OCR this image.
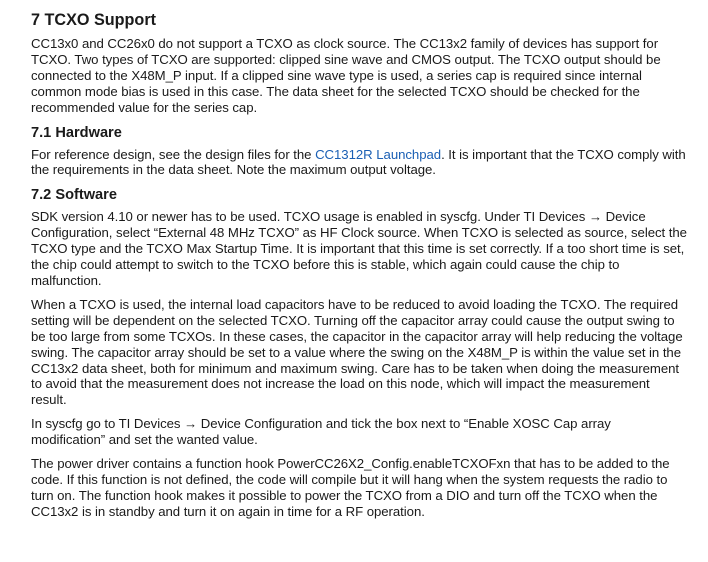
7 TCXO Support

CC13x0 and CC26x0 do not support a TCXO as clock source. The CC13x2 family of devices has support for TCXO. Two types of TCXO are supported: clipped sine wave and CMOS output. The TCXO output should be connected to the X48M_P input. If a clipped sine wave type is used, a series cap is required since internal common mode bias is used in this case. The data sheet for the selected TCXO should be checked for the recommended value for the series cap.

7.1 Hardware

For reference design, see the design files for the CC1312R Launchpad. It is important that the TCXO comply with the requirements in the data sheet. Note the maximum output voltage.

7.2 Software

SDK version 4.10 or newer has to be used. TCXO usage is enabled in syscfg. Under TI Devices → Device Configuration, select “External 48 MHz TCXO” as HF Clock source. When TCXO is selected as source, select the TCXO type and the TCXO Max Startup Time. It is important that this time is set correctly. If a too short time is set, the chip could attempt to switch to the TCXO before this is stable, which again could cause the chip to malfunction.

When a TCXO is used, the internal load capacitors have to be reduced to avoid loading the TCXO. The required setting will be dependent on the selected TCXO. Turning off the capacitor array could cause the output swing to be too large from some TCXOs. In these cases, the capacitor in the capacitor array will help reducing the voltage swing. The capacitor array should be set to a value where the swing on the X48M_P is within the value set in the CC13x2 data sheet, both for minimum and maximum swing. Care has to be taken when doing the measurement to avoid that the measurement does not increase the load on this node, which will impact the measurement result.

In syscfg go to TI Devices → Device Configuration and tick the box next to “Enable XOSC Cap array modification” and set the wanted value.

The power driver contains a function hook PowerCC26X2_Config.enableTCXOFxn that has to be added to the code. If this function is not defined, the code will compile but it will hang when the system requests the radio to turn on. The function hook makes it possible to power the TCXO from a DIO and turn off the TCXO when the CC13x2 is in standby and turn it on again in time for a RF operation.
